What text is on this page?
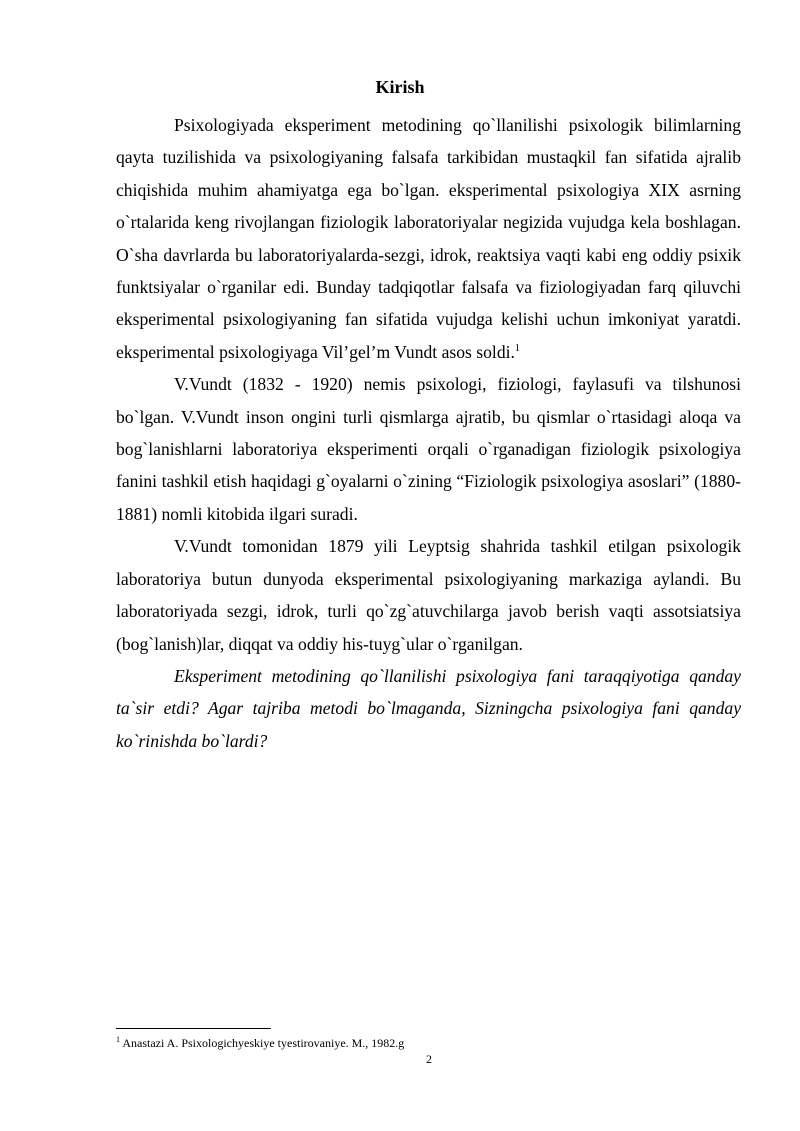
Kirish

Psixologiyada eksperiment metodining qo`llanilishi psixologik bilimlarning qayta tuzilishida va psixologiyaning falsafa tarkibidan mustaqkil fan sifatida ajralib chiqishida muhim ahamiyatga ega bo`lgan. eksperimental psixologiya XIX asrning o`rtalarida keng rivojlangan fiziologik laboratoriyalar negizida vujudga kela boshlagan. O`sha davrlarda bu laboratoriyalarda-sezgi, idrok, reaktsiya vaqti kabi eng oddiy psixik funktsiyalar o`rganilar edi. Bunday tadqiqotlar falsafa va fiziologiyadan farq qiluvchi eksperimental psixologiyaning fan sifatida vujudga kelishi uchun imkoniyat yaratdi. eksperimental psixologiyaga Vil’gel’m Vundt asos soldi.$^1$

V.Vundt (1832 - 1920) nemis psixologi, fiziologi, faylasufi va tilshunosi bo`lgan. V.Vundt inson ongini turli qismlarga ajratib, bu qismlar o`rtasidagi aloqa va bog`lanishlarni laboratoriya eksperimenti orqali o`rganadigan fiziologik psixologiya fanini tashkil etish haqidagi g`oyalarni o`zining “Fiziologik psixologiya asoslari” (1880-1881) nomli kitobida ilgari suradi.

V.Vundt tomonidan 1879 yili Leyptsig shahrida tashkil etilgan psixologik laboratoriya butun dunyoda eksperimental psixologiyaning markaziga aylandi. Bu laboratoriyada sezgi, idrok, turli qo`zg`atuvchilarga javob berish vaqti assotsiatsiya (bog`lanish)lar, diqqat va oddiy his-tuyg`ular o`rganilgan.

Eksperiment metodining qo`llanilishi psixologiya fani taraqqiyotiga qanday ta`sir etdi? Agar tajriba metodi bo`lmaganda, Sizningcha psixologiya fani qanday ko`rinishda bo`lardi?

$^1$ Anastazi A. Psixologichyeskiye tyestirovaniye. M., 1982.g
2
